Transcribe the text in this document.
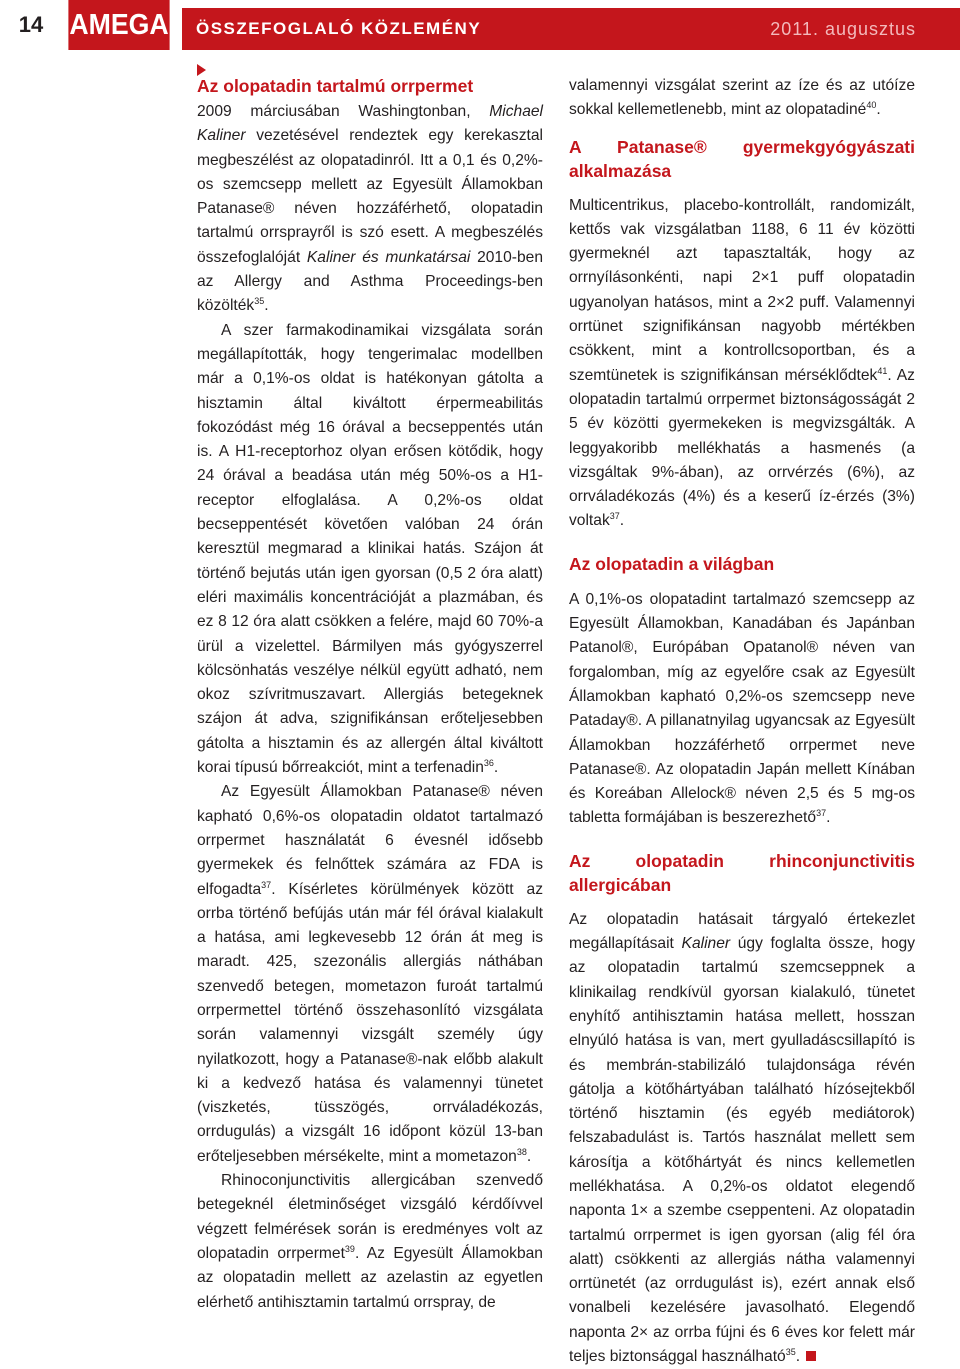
14 AMEGA ÖSSZEFOGLALÓ KÖZLEMÉNY	2011. augusztus
Az olopatadin tartalmú orrpermet

2009 márciusában Washingtonban, Michael Kaliner vezetésével rendeztek egy kerekasztal megbeszélést az olopatadinról. Itt a 0,1 és 0,2%-os szemcsepp mellett az Egyesült Államokban Patanase® néven hozzáférhető, olopatadin tartalmú orrsprayről is szó esett. A megbeszélés összefoglalóját Kaliner és munkatársai 2010-ben az Allergy and Asthma Proceedings-ben közölték$^{35}$.

A szer farmakodinamikai vizsgálata során megállapították, hogy tengerimalac modellben már a 0,1%-os oldat is hatékonyan gátolta a hisztamin által kiváltott érpermeabilitás fokozódást még 16 órával a becseppentés után is. A H1-receptorhoz olyan erősen kötődik, hogy 24 órával a beadása után még 50%-os a H1-receptor elfoglalása. A 0,2%-os oldat becseppentését követően valóban 24 órán keresztül megmarad a klinikai hatás. Szájon át történő bejutás után igen gyorsan (0,5 2 óra alatt) eléri maximális koncentrációját a plazmában, és ez 8 12 óra alatt csökken a felére, majd 60 70%-a ürül a vizelettel. Bármilyen más gyógyszerrel kölcsönhatás veszélye nélkül együtt adható, nem okoz szívritmuszavart. Allergiás betegeknek szájon át adva, szignifikánsan erőteljesebben gátolta a hisztamin és az allergén által kiváltott korai típusú bőrreakciót, mint a terfenadin$^{36}$.

Az Egyesült Államokban Patanase® néven kapható 0,6%-os olopatadin oldatot tartalmazó orrpermet használatát 6 évesnél idősebb gyermekek és felnőttek számára az FDA is elfogadta$^{37}$. Kísérletes körülmények között az orrba történő befújás után már fél órával kialakult a hatása, ami legkevesebb 12 órán át meg is maradt. 425, szezonális allergiás náthában szenvedő betegen, mometazon furoát tartalmú orrpermettel történő összehasonlító vizsgálata során valamennyi vizsgált személy úgy nyilatkozott, hogy a Patanase®-nak előbb alakult ki a kedvező hatása és valamennyi tünetet (viszketés, tüsszögés, orrváladékozás, orrdugulás) a vizsgált 16 időpont közül 13-ban erőteljesebben mérsékelte, mint a mometazon$^{38}$.

Rhinoconjunctivitis allergicában szenvedő betegeknél életminőséget vizsgáló kérdőívvel végzett felmérések során is eredményes volt az olopatadin orrpermet$^{39}$. Az Egyesült Államokban az olopatadin mellett az azelastin az egyetlen elérhető antihisztamin tartalmú orrspray, de

valamennyi vizsgálat szerint az íze és az utóíze sokkal kellemetlenebb, mint az olopatadiné$^{40}$.

A Patanase® gyermekgyógyászati alkalmazása

Multicentrikus, placebo-kontrollált, randomizált, kettős vak vizsgálatban 1188, 6 11 év közötti gyermeknél azt tapasztalták, hogy az orrnyílásonkénti, napi 2×1 puff olopatadin ugyanolyan hatásos, mint a 2×2 puff. Valamennyi orrtünet szignifikánsan nagyobb mértékben csökkent, mint a kontrollcsoportban, és a szemtünetek is szignifikánsan mérséklődtek$^{41}$. Az olopatadin tartalmú orrpermet biztonságosságát 2 5 év közötti gyermekeken is megvizsgálták. A leggyakoribb mellékhatás a hasmenés (a vizsgáltak 9%-ában), az orrvérzés (6%), az orrváladékozás (4%) és a keserű íz-érzés (3%) voltak$^{37}$.

Az olopatadin a világban

A 0,1%-os olopatadint tartalmazó szemcsepp az Egyesült Államokban, Kanadában és Japánban Patanol®, Európában Opatanol® néven van forgalomban, míg az egyelőre csak az Egyesült Államokban kapható 0,2%-os szemcsepp neve Pataday®. A pillanatnyilag ugyancsak az Egyesült Államokban hozzáférhető orrpermet neve Patanase®. Az olopatadin Japán mellett Kínában és Koreában Allelock® néven 2,5 és 5 mg-os tabletta formájában is beszerezhető$^{37}$.

Az olopatadin rhinconjunctivitis allergicában

Az olopatadin hatásait tárgyaló értekezlet megállapításait Kaliner úgy foglalta össze, hogy az olopatadin tartalmú szemcseppnek a klinikailag rendkívül gyorsan kialakuló, tünetet enyhítő antihisztamin hatása mellett, hosszan elnyúló hatása is van, mert gyulladáscsillapító is és membrán-stabilizáló tulajdonsága révén gátolja a kötőhártyában található hízósejtekből történő hisztamin (és egyéb mediátorok) felszabadulást is. Tartós használat mellett sem károsítja a kötőhártyát és nincs kellemetlen mellékhatása. A 0,2%-os oldatot elegendő naponta 1× a szembe cseppenteni. Az olopatadin tartalmú orrpermet is igen gyorsan (alig fél óra alatt) csökkenti az allergiás nátha valamennyi orrtünetét (az orrdugulást is), ezért annak első vonalbeli kezelésére javasolható. Elegendő naponta 2× az orrba fújni és 6 éves kor felett már teljes biztonsággal használható$^{35}$.
